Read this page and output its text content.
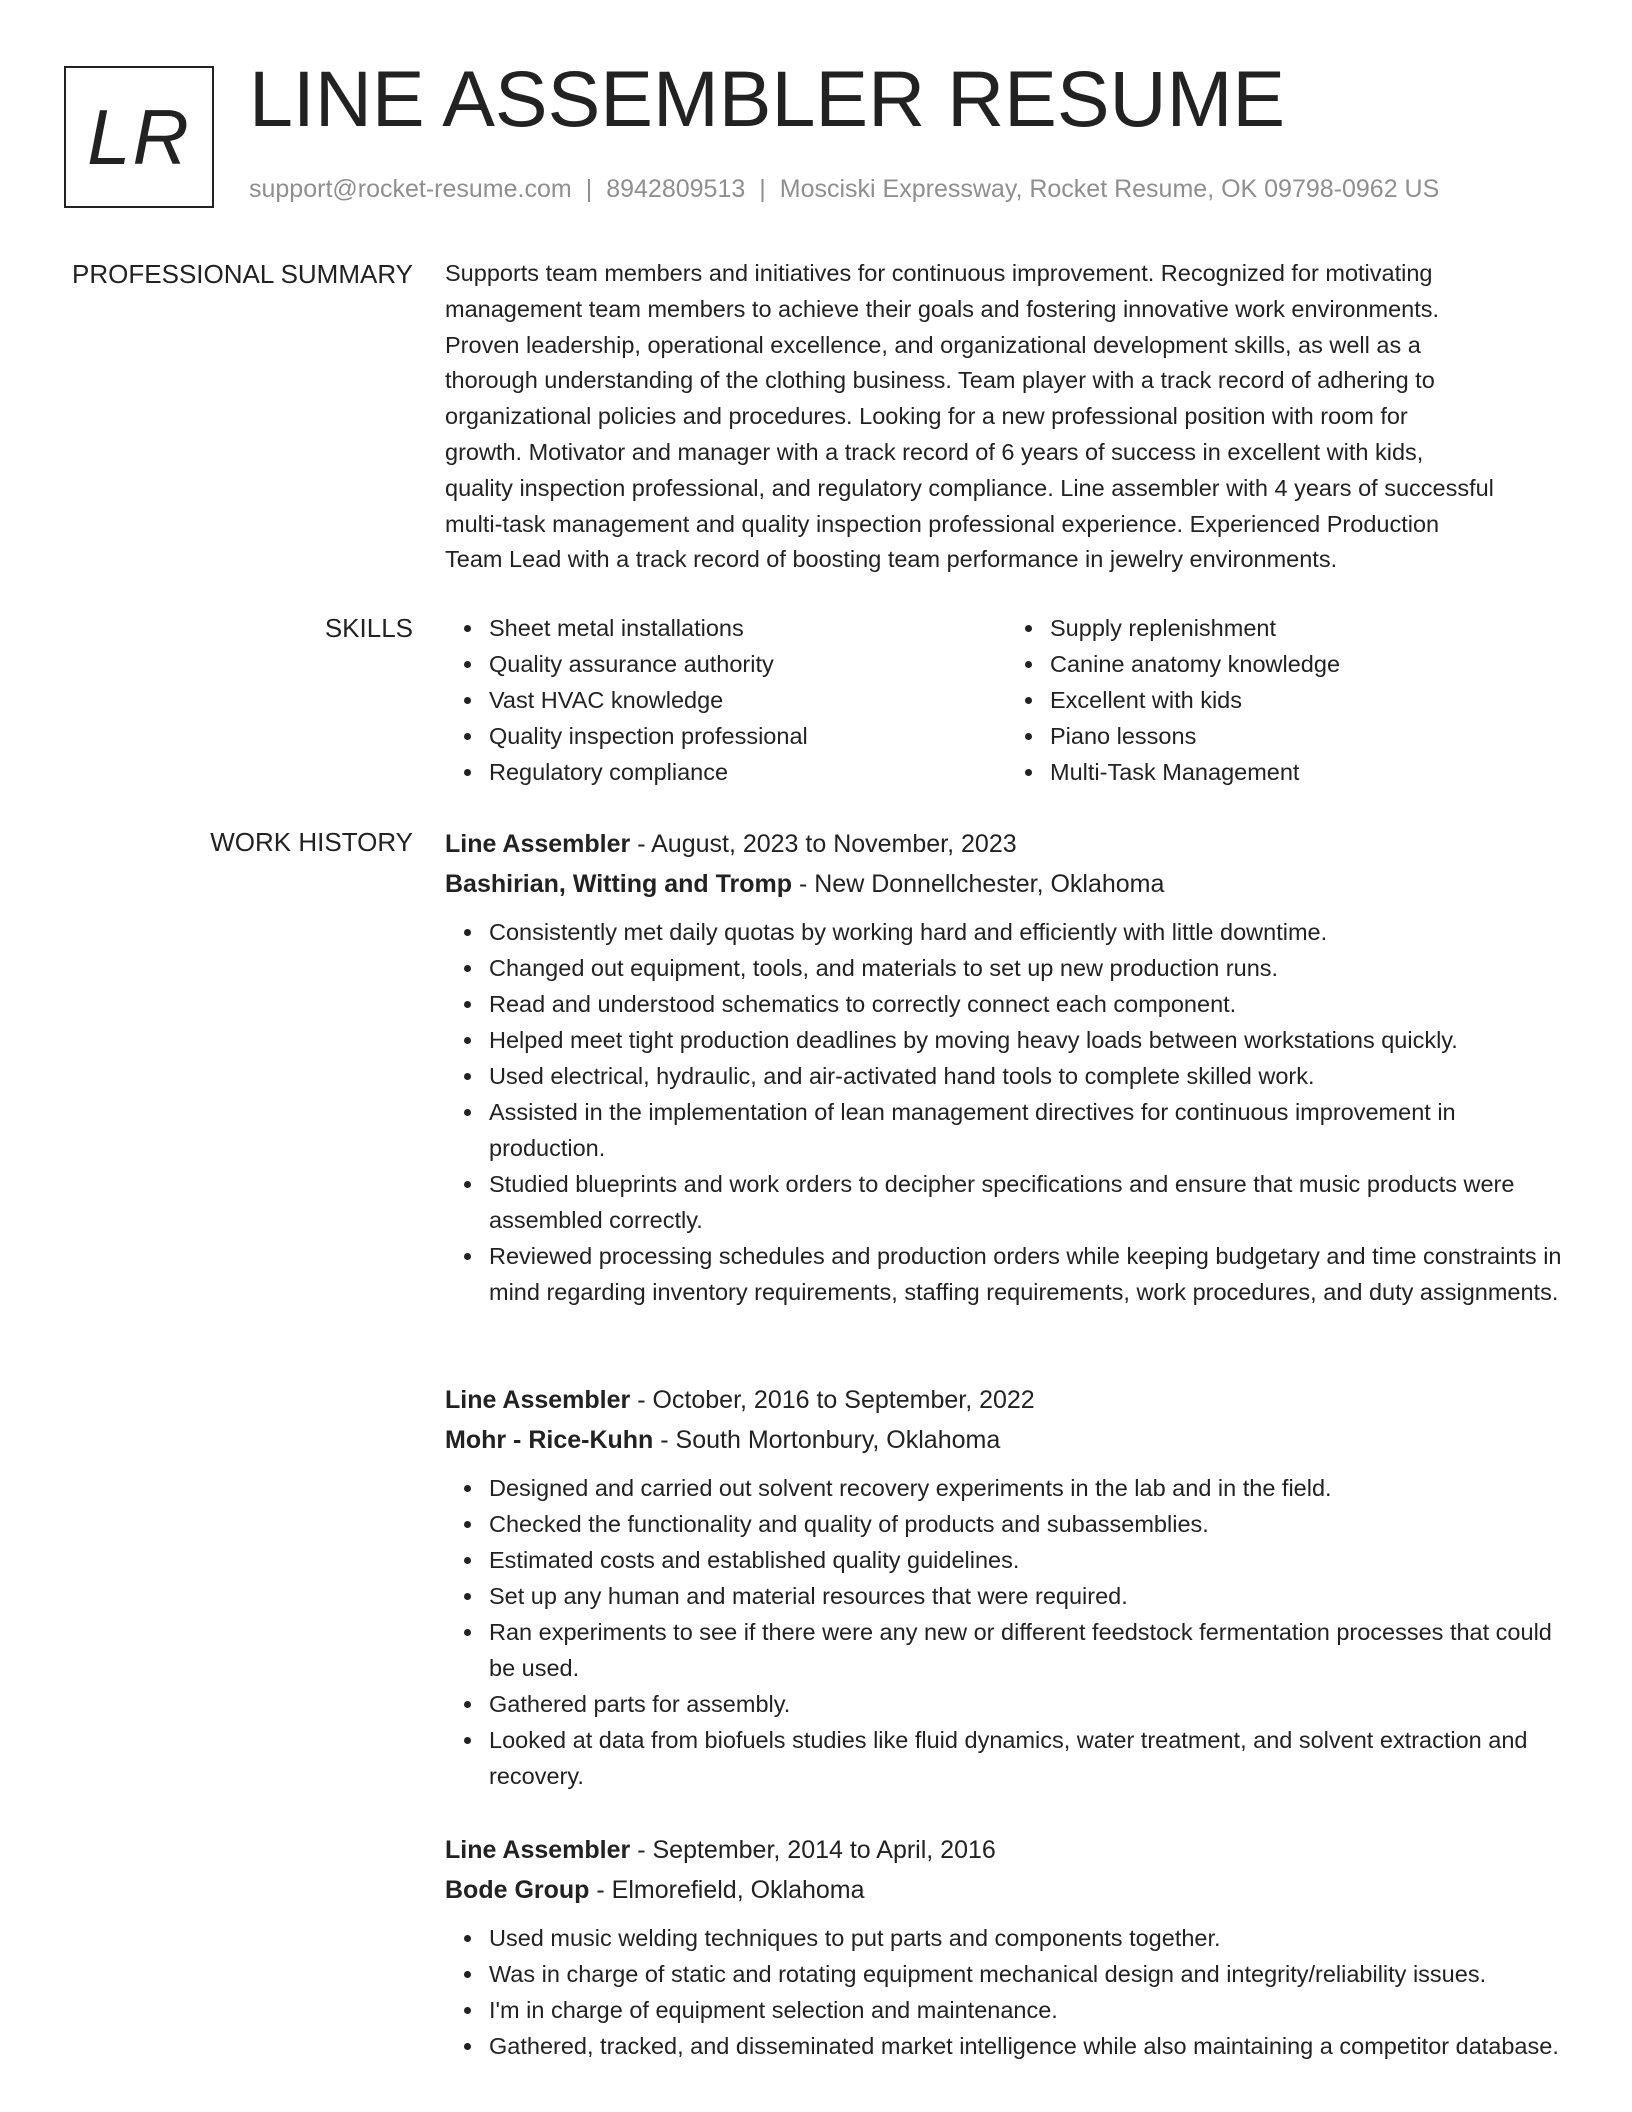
LR LINE ASSEMBLER RESUME
support@rocket-resume.com | 8942809513 | Mosciski Expressway, Rocket Resume, OK 09798-0962 US
PROFESSIONAL SUMMARY Supports team members and initiatives for continuous improvement. Recognized for motivating
management team members to achieve their goals and fostering innovative work environments.
Proven leadership, operational excellence, and organizational development skills, as well as a
thorough understanding of the clothing business. Team player with a track record of adhering to
organizational policies and procedures. Looking for a new professional position with room for
growth. Motivator and manager with a track record of 6 years of success in excellent with kids,
quality inspection professional, and regulatory compliance. Line assembler with 4 years of successful
multi-task management and quality inspection professional experience. Experienced Production
Team Lead with a track record of boosting team performance in jewelry environments.

SKILLS	Sheet metal installations
Quality assurance authority
Vast HVAC knowledge
Quality inspection professional
Regulatory compliance
Supply replenishment
Canine anatomy knowledge
Excellent with kids
Piano lessons
Multi-Task Management
WORK HISTORY Line Assembler - August, 2023 to November, 2023
Bashirian, Witting and Tromp - New Donnellchester, Oklahoma
Consistently met daily quotas by working hard and efficiently with little downtime.
Changed out equipment, tools, and materials to set up new production runs.
Read and understood schematics to correctly connect each component.
Helped meet tight production deadlines by moving heavy loads between workstations quickly.
Used electrical, hydraulic, and air-activated hand tools to complete skilled work.
Assisted in the implementation of lean management directives for continuous improvement in production.
Studied blueprints and work orders to decipher specifications and ensure that music products were assembled correctly.
Reviewed processing schedules and production orders while keeping budgetary and time constraints in mind regarding inventory requirements, staffing requirements, work procedures, and duty assignments.
Line Assembler - October, 2016 to September, 2022
Mohr - Rice-Kuhn - South Mortonbury, Oklahoma
Designed and carried out solvent recovery experiments in the lab and in the field.
Checked the functionality and quality of products and subassemblies.
Estimated costs and established quality guidelines.
Set up any human and material resources that were required.
Ran experiments to see if there were any new or different feedstock fermentation processes that could be used.
Gathered parts for assembly.
Looked at data from biofuels studies like fluid dynamics, water treatment, and solvent extraction and recovery.
Line Assembler - September, 2014 to April, 2016
Bode Group - Elmorefield, Oklahoma
Used music welding techniques to put parts and components together.
Was in charge of static and rotating equipment mechanical design and integrity/reliability issues.
I'm in charge of equipment selection and maintenance.
Gathered, tracked, and disseminated market intelligence while also maintaining a competitor database.
